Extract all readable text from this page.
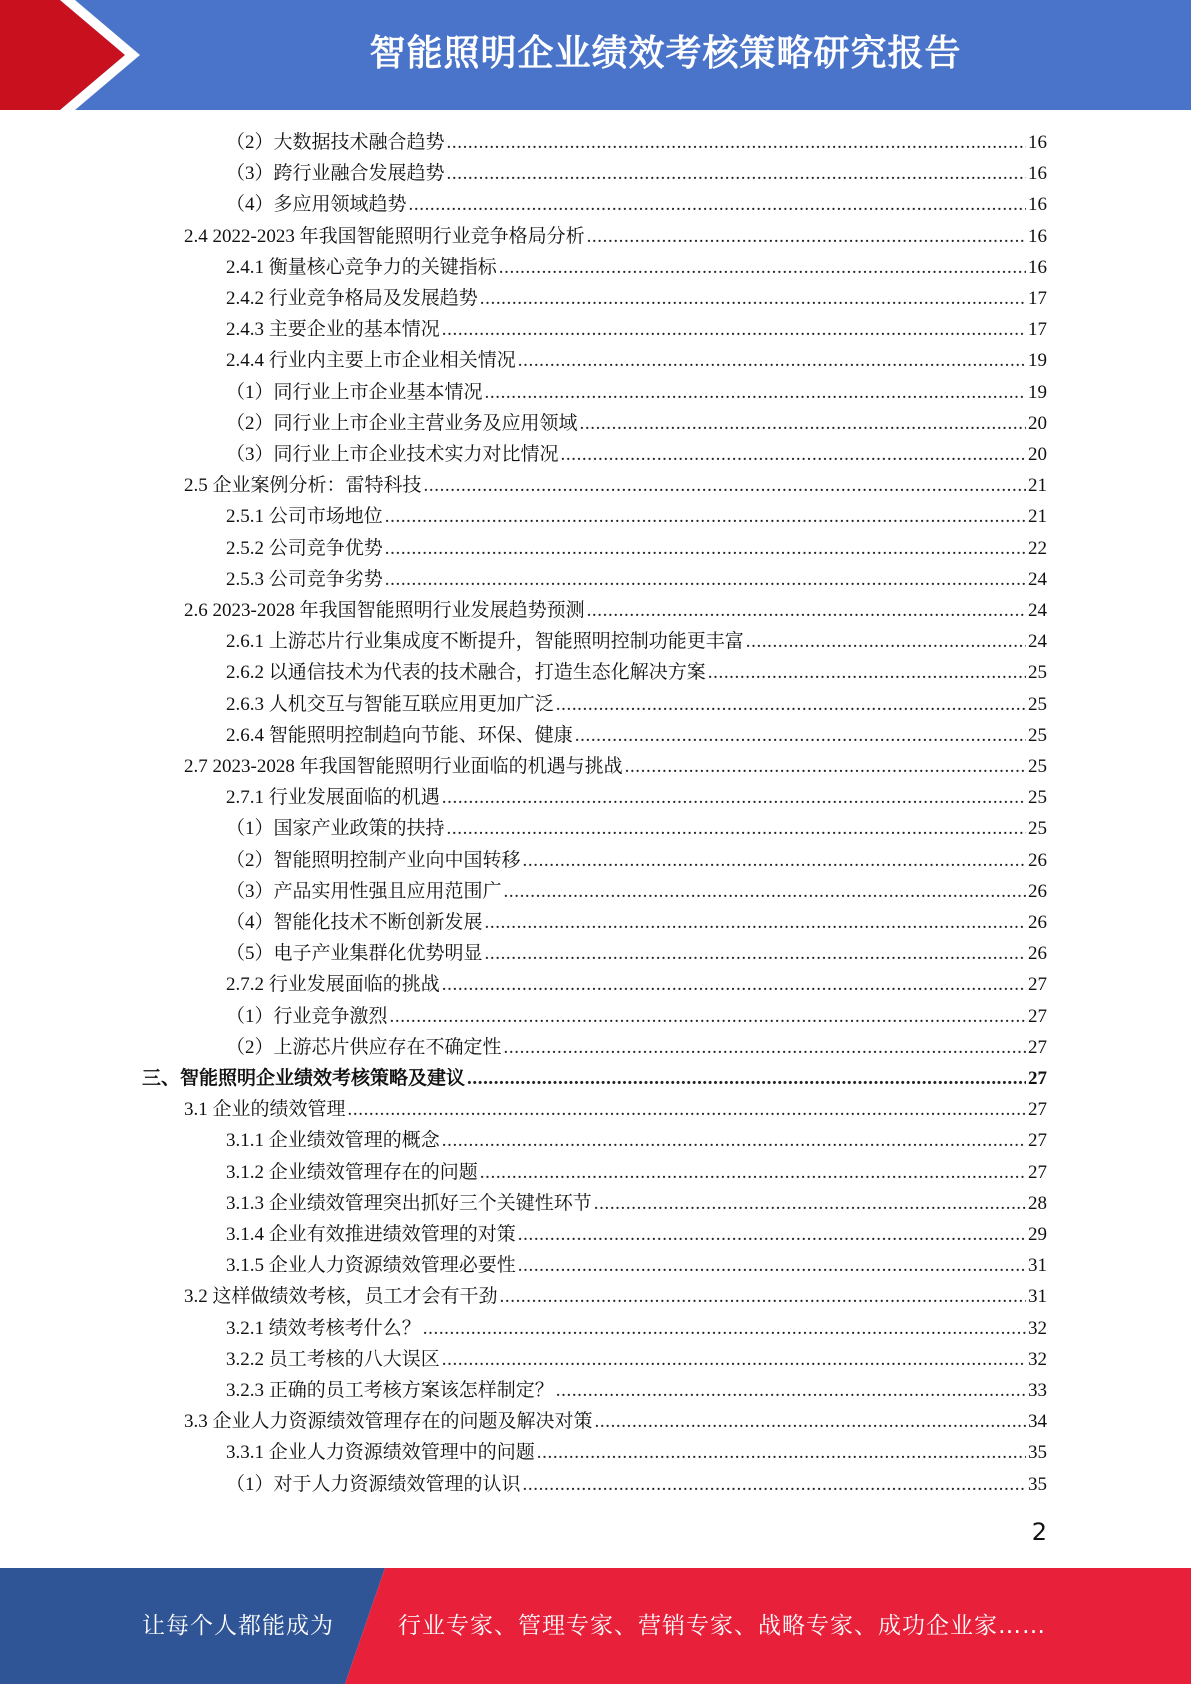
智能照明企业绩效考核策略研究报告
（2）大数据技术融合趋势 .....	16
（3）跨行业融合发展趋势 .....	16
（4）多应用领域趋势 .....	16
2.4 2022-2023 年我国智能照明行业竞争格局分析 .....	16
2.4.1 衡量核心竞争力的关键指标 .....	16
2.4.2 行业竞争格局及发展趋势 .....	17
2.4.3 主要企业的基本情况 .....	17
2.4.4 行业内主要上市企业相关情况 .....	19
（1）同行业上市企业基本情况 .....	19
（2）同行业上市企业主营业务及应用领域 .....	20
（3）同行业上市企业技术实力对比情况 .....	20
2.5 企业案例分析：雷特科技 .....	21
2.5.1 公司市场地位 .....	21
2.5.2 公司竞争优势 .....	22
2.5.3 公司竞争劣势 .....	24
2.6 2023-2028 年我国智能照明行业发展趋势预测 .....	24
2.6.1 上游芯片行业集成度不断提升，智能照明控制功能更丰富 .....	24
2.6.2 以通信技术为代表的技术融合，打造生态化解决方案 .....	25
2.6.3 人机交互与智能互联应用更加广泛 .....	25
2.6.4 智能照明控制趋向节能、环保、健康 .....	25
2.7 2023-2028 年我国智能照明行业面临的机遇与挑战 .....	25
2.7.1 行业发展面临的机遇 .....	25
（1）国家产业政策的扶持 .....	25
（2）智能照明控制产业向中国转移 .....	26
（3）产品实用性强且应用范围广 .....	26
（4）智能化技术不断创新发展 .....	26
（5）电子产业集群化优势明显 .....	26
2.7.2 行业发展面临的挑战 .....	27
（1）行业竞争激烈 .....	27
（2）上游芯片供应存在不确定性 .....	27
三、智能照明企业绩效考核策略及建议 .....	27
3.1 企业的绩效管理 .....	27
3.1.1 企业绩效管理的概念 .....	27
3.1.2 企业绩效管理存在的问题 .....	27
3.1.3 企业绩效管理突出抓好三个关键性环节 .....	28
3.1.4 企业有效推进绩效管理的对策 .....	29
3.1.5 企业人力资源绩效管理必要性 .....	31
3.2 这样做绩效考核，员工才会有干劲 .....	31
3.2.1 绩效考核考什么？ .....	32
3.2.2 员工考核的八大误区 .....	32
3.2.3 正确的员工考核方案该怎样制定？ .....	33
3.3 企业人力资源绩效管理存在的问题及解决对策 .....	34
3.3.1 企业人力资源绩效管理中的问题 .....	35
（1）对于人力资源绩效管理的认识 .....	35
2
让每个人都能成为	行业专家、管理专家、营销专家、战略专家、成功企业家……
